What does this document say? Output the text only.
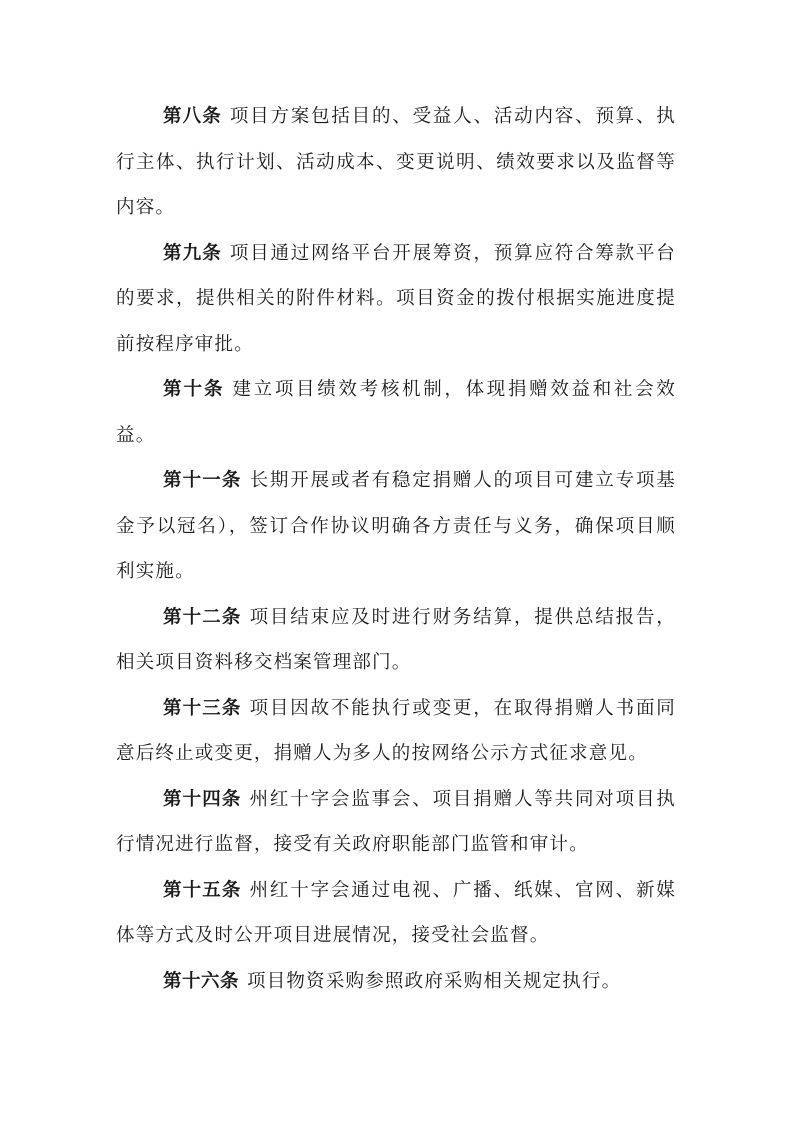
第八条 项目方案包括目的、受益人、活动内容、预算、执行主体、执行计划、活动成本、变更说明、绩效要求以及监督等内容。

第九条 项目通过网络平台开展筹资，预算应符合筹款平台的要求，提供相关的附件材料。项目资金的拨付根据实施进度提前按程序审批。

第十条 建立项目绩效考核机制，体现捐赠效益和社会效益。

第十一条 长期开展或者有稳定捐赠人的项目可建立专项基金予以冠名），签订合作协议明确各方责任与义务，确保项目顺利实施。

第十二条 项目结束应及时进行财务结算，提供总结报告，相关项目资料移交档案管理部门。

第十三条 项目因故不能执行或变更，在取得捐赠人书面同意后终止或变更，捐赠人为多人的按网络公示方式征求意见。

第十四条 州红十字会监事会、项目捐赠人等共同对项目执行情况进行监督，接受有关政府职能部门监管和审计。

第十五条 州红十字会通过电视、广播、纸媒、官网、新媒体等方式及时公开项目进展情况，接受社会监督。

第十六条 项目物资采购参照政府采购相关规定执行。
